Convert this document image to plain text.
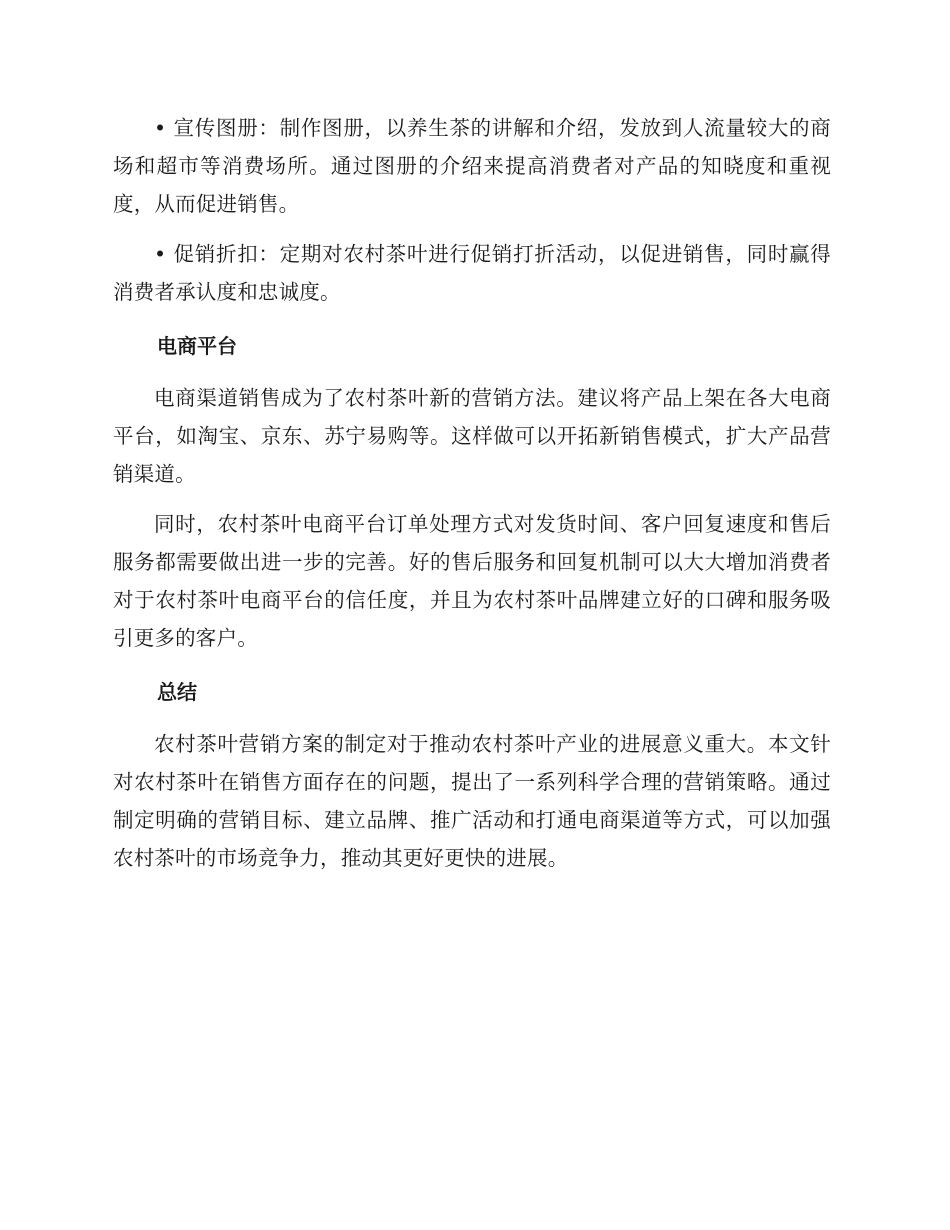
• 宣传图册：制作图册，以养生茶的讲解和介绍，发放到人流量较大的商场和超市等消费场所。通过图册的介绍来提高消费者对产品的知晓度和重视度，从而促进销售。

• 促销折扣：定期对农村茶叶进行促销打折活动，以促进销售，同时赢得消费者承认度和忠诚度。

电商平台

电商渠道销售成为了农村茶叶新的营销方法。建议将产品上架在各大电商平台，如淘宝、京东、苏宁易购等。这样做可以开拓新销售模式，扩大产品营销渠道。

同时，农村茶叶电商平台订单处理方式对发货时间、客户回复速度和售后服务都需要做出进一步的完善。好的售后服务和回复机制可以大大增加消费者对于农村茶叶电商平台的信任度，并且为农村茶叶品牌建立好的口碑和服务吸引更多的客户。

总结

农村茶叶营销方案的制定对于推动农村茶叶产业的进展意义重大。本文针对农村茶叶在销售方面存在的问题，提出了一系列科学合理的营销策略。通过制定明确的营销目标、建立品牌、推广活动和打通电商渠道等方式，可以加强农村茶叶的市场竞争力，推动其更好更快的进展。
